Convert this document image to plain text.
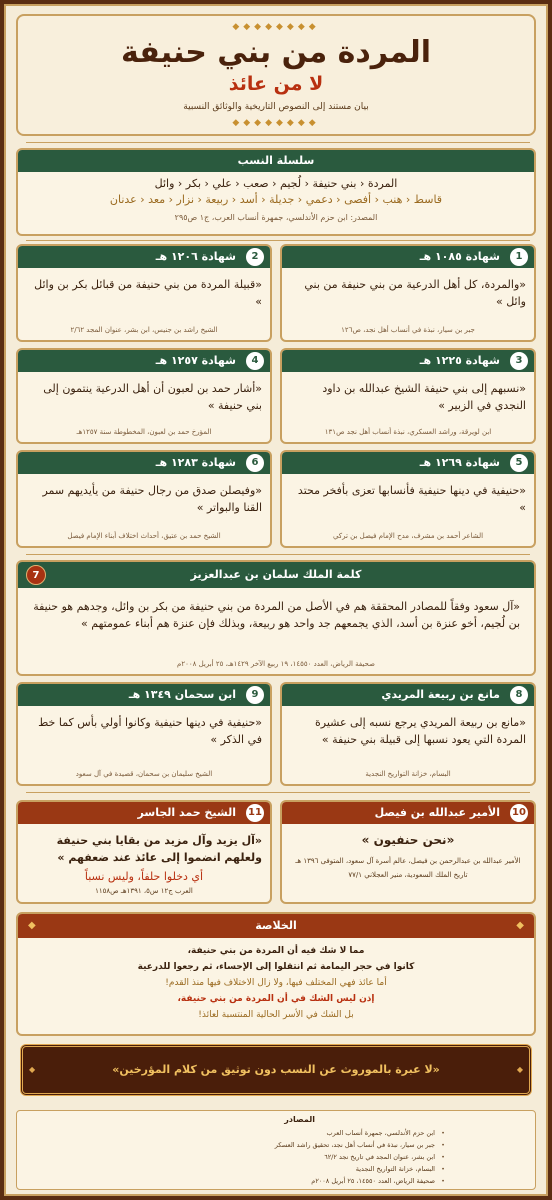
◆◆◆◆◆◆◆◆
المردة من بني حنيفة
لا من عائذ
بيان مستند إلى النصوص التاريخية والوثائق النسبية
◆◆◆◆◆◆◆◆
سلسلة النسب
المردة ‹ بني حنيفة ‹ لُجيم ‹ صعب ‹ علي ‹ بكر ‹ وائل
قاسط ‹ هنب ‹ أفصى ‹ دعمي ‹ جديلة ‹ أسد ‹ ربيعة ‹ نزار ‹ معد ‹ عدنان
المصدر: ابن حزم الأندلسي، جمهرة أنساب العرب، ج١ ص٢٩٥
1
شهادة ١٠٨٥ هـ
«والمردة، كل أهل الدرعية من بني حنيفة من بني وائل »
جبر بن سيار، نبذة في أنساب أهل نجد، ص١٢٦
2
شهادة ١٢٠٦ هـ
«قبيلة المردة من بني حنيفة من قبائل بكر بن وائل »
الشيخ راشد بن جنيس، ابن بشر، عنوان المجد ٢/٦٢
3
شهادة ١٢٢٥ هـ
«نسبهم إلى بني حنيفة الشيخ عبدالله بن داود النجدي في الزبير »
ابن لويرقة، وراشد العسكري، نبذة أنساب أهل نجد ص١٣١
4
شهادة ١٢٥٧ هـ
«أشار حمد بن لعبون أن أهل الدرعية ينتمون إلى بني حنيفة »
المؤرخ حمد بن لعبون، المخطوطة سنة ١٢٥٧هـ
5
شهادة ١٢٦٩ هـ
«حنيفية في دينها حنيفية فأنسابها تعزى بأفخر محتد »
الشاعر أحمد بن مشرف، مدح الإمام فيصل بن تركي
6
شهادة ١٢٨٣ هـ
«وفيصلن صدق من رجال حنيفة من يأيديهم سمر القنا والبواتر »
الشيخ حمد بن عتيق، أحداث اختلاف أبناء الإمام فيصل
7	كلمة الملك سلمان بن عبدالعزيز
«آل سعود وفقاً للمصادر المحققة هم في الأصل من المردة من بني حنيفة من بكر بن وائل، وجدهم هو حنيفة بن لُجيم، أخو عنزة بن أسد، الذي يجمعهم جد واحد هو ربيعة، وبذلك فإن عنزة هم أبناء عمومتهم »
صحيفة الرياض، العدد ١٤٥٥٠، ١٩ ربيع الآخر ١٤٢٩هـ، ٢٥ أبريل ٢٠٠٨م
8
مانع بن ربيعة المريدي
«مانع بن ربيعة المريدي يرجع نسبه إلى عشيرة المردة التي يعود نسبها إلى قبيلة بني حنيفة »
البسام، خزانة التواريخ النجدية
9
ابن سحمان ١٣٤٩ هـ
«حنيفية في دينها حنيفية وكانوا أولي بأس كما خط في الذكر »
الشيخ سليمان بن سحمان، قصيدة في آل سعود
10
الأمير عبدالله بن فيصل
«نحن حنفيون »
الأمير عبدالله بن عبدالرحمن بن فيصل، عالم أسرة آل سعود، المتوفى ١٣٩٦ هـ
تاريخ الملك السعودية، منير العجلاني ٧٧/١
11
الشيخ حمد الجاسر
«آل يزيد وآل مزيد من بقايا بني حنيفة ولعلهم انضموا إلى عائذ عند ضعفهم »
أي دخلوا حلفاً، وليس نسباً
العرب ج١٢ س٥، ١٣٩١هـ ص١١٥٨
◆
الخلاصة
◆

مما لا شك فيه أن المردة من بني حنيفة،

كانوا في حجر اليمامة ثم انتقلوا إلى الإحساء، ثم رجعوا للدرعية

أما عائذ فهي المختلف فيها، ولا زال الاختلاف فيها منذ القدم!

إذن ليس الشك في أن المردة من بني حنيفة،

بل الشك في الأسر الحالية المنتسبة لعائذ!

◆
«لا عبرة بالموروث عن النسب دون توثيق من كلام المؤرخين»
◆
المصادر
• ابن حزم الأندلسي، جمهرة أنساب العرب
• جبر بن سيار، نبذة في أنساب أهل نجد، تحقيق راشد العسكر
• ابن بشر، عنوان المجد في تاريخ نجد ٦٢/٢
• البسام، خزانة التواريخ النجدية
• صحيفة الرياض، العدد ١٤٥٥٠، ٢٥ أبريل ٢٠٠٨م
